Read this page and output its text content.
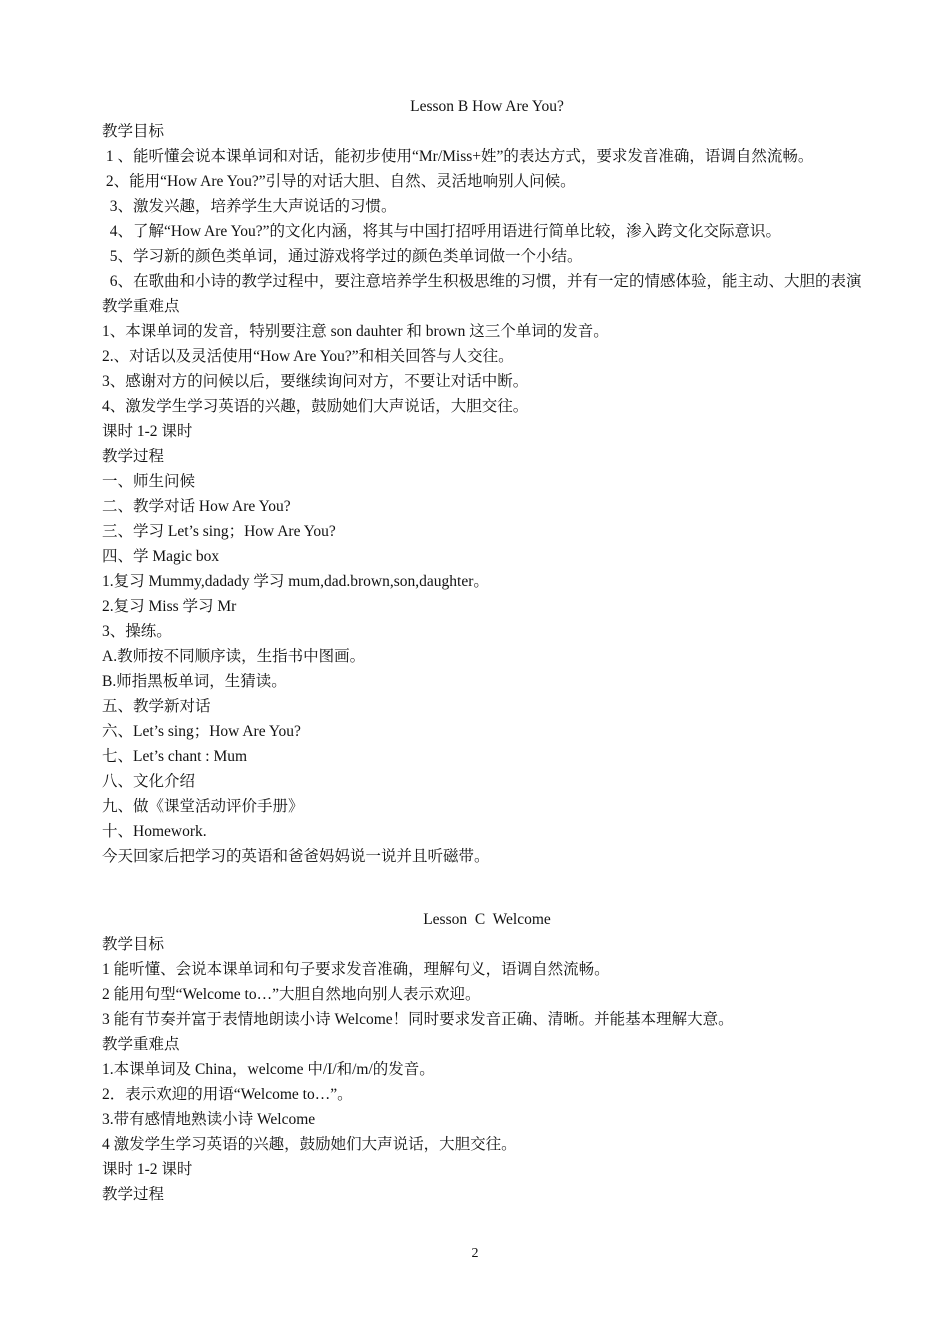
Lesson B How Are You?
教学目标
1 、能听懂会说本课单词和对话，能初步使用“Mr/Miss+姓”的表达方式，要求发音准确，语调自然流畅。
2、能用“How Are You?”引导的对话大胆、自然、灵活地响别人问候。
3、激发兴趣，培养学生大声说话的习惯。
4、了解“How Are You?”的文化内涵，将其与中国打招呼用语进行简单比较，渗入跨文化交际意识。
5、学习新的颜色类单词，通过游戏将学过的颜色类单词做一个小结。
6、在歌曲和小诗的教学过程中，要注意培养学生积极思维的习惯，并有一定的情感体验，能主动、大胆的表演
教学重难点
1、本课单词的发音，特别要注意 son dauhter 和 brown 这三个单词的发音。
2.、对话以及灵活使用“How Are You?”和相关回答与人交往。
3、感谢对方的问候以后，要继续询问对方，不要让对话中断。
4、激发学生学习英语的兴趣，鼓励她们大声说话，大胆交往。
课时 1-2 课时
教学过程
一、师生问候
二、教学对话 How Are You?
三、学习 Let’s sing；How Are You?
四、学 Magic box
1.复习 Mummy,dadady 学习 mum,dad.brown,son,daughter。
2.复习 Miss 学习 Mr
3、操练。
A.教师按不同顺序读，生指书中图画。
B.师指黑板单词，生猜读。
五、教学新对话
六、Let’s sing；How Are You?
七、Let’s chant : Mum
八、文化介绍
九、做《课堂活动评价手册》
十、Homework.
今天回家后把学习的英语和爸爸妈妈说一说并且听磁带。
Lesson  C  Welcome
教学目标
1 能听懂、会说本课单词和句子要求发音准确，理解句义，语调自然流畅。
2 能用句型“Welcome to…”大胆自然地向别人表示欢迎。
3 能有节奏并富于表情地朗读小诗 Welcome！同时要求发音正确、清晰。并能基本理解大意。
教学重难点
1.本课单词及 China，welcome 中/I/和/m/的发音。
2．表示欢迎的用语“Welcome to…”。
3.带有感情地熟读小诗 Welcome
4 激发学生学习英语的兴趣，鼓励她们大声说话，大胆交往。
课时 1-2 课时
教学过程
2
